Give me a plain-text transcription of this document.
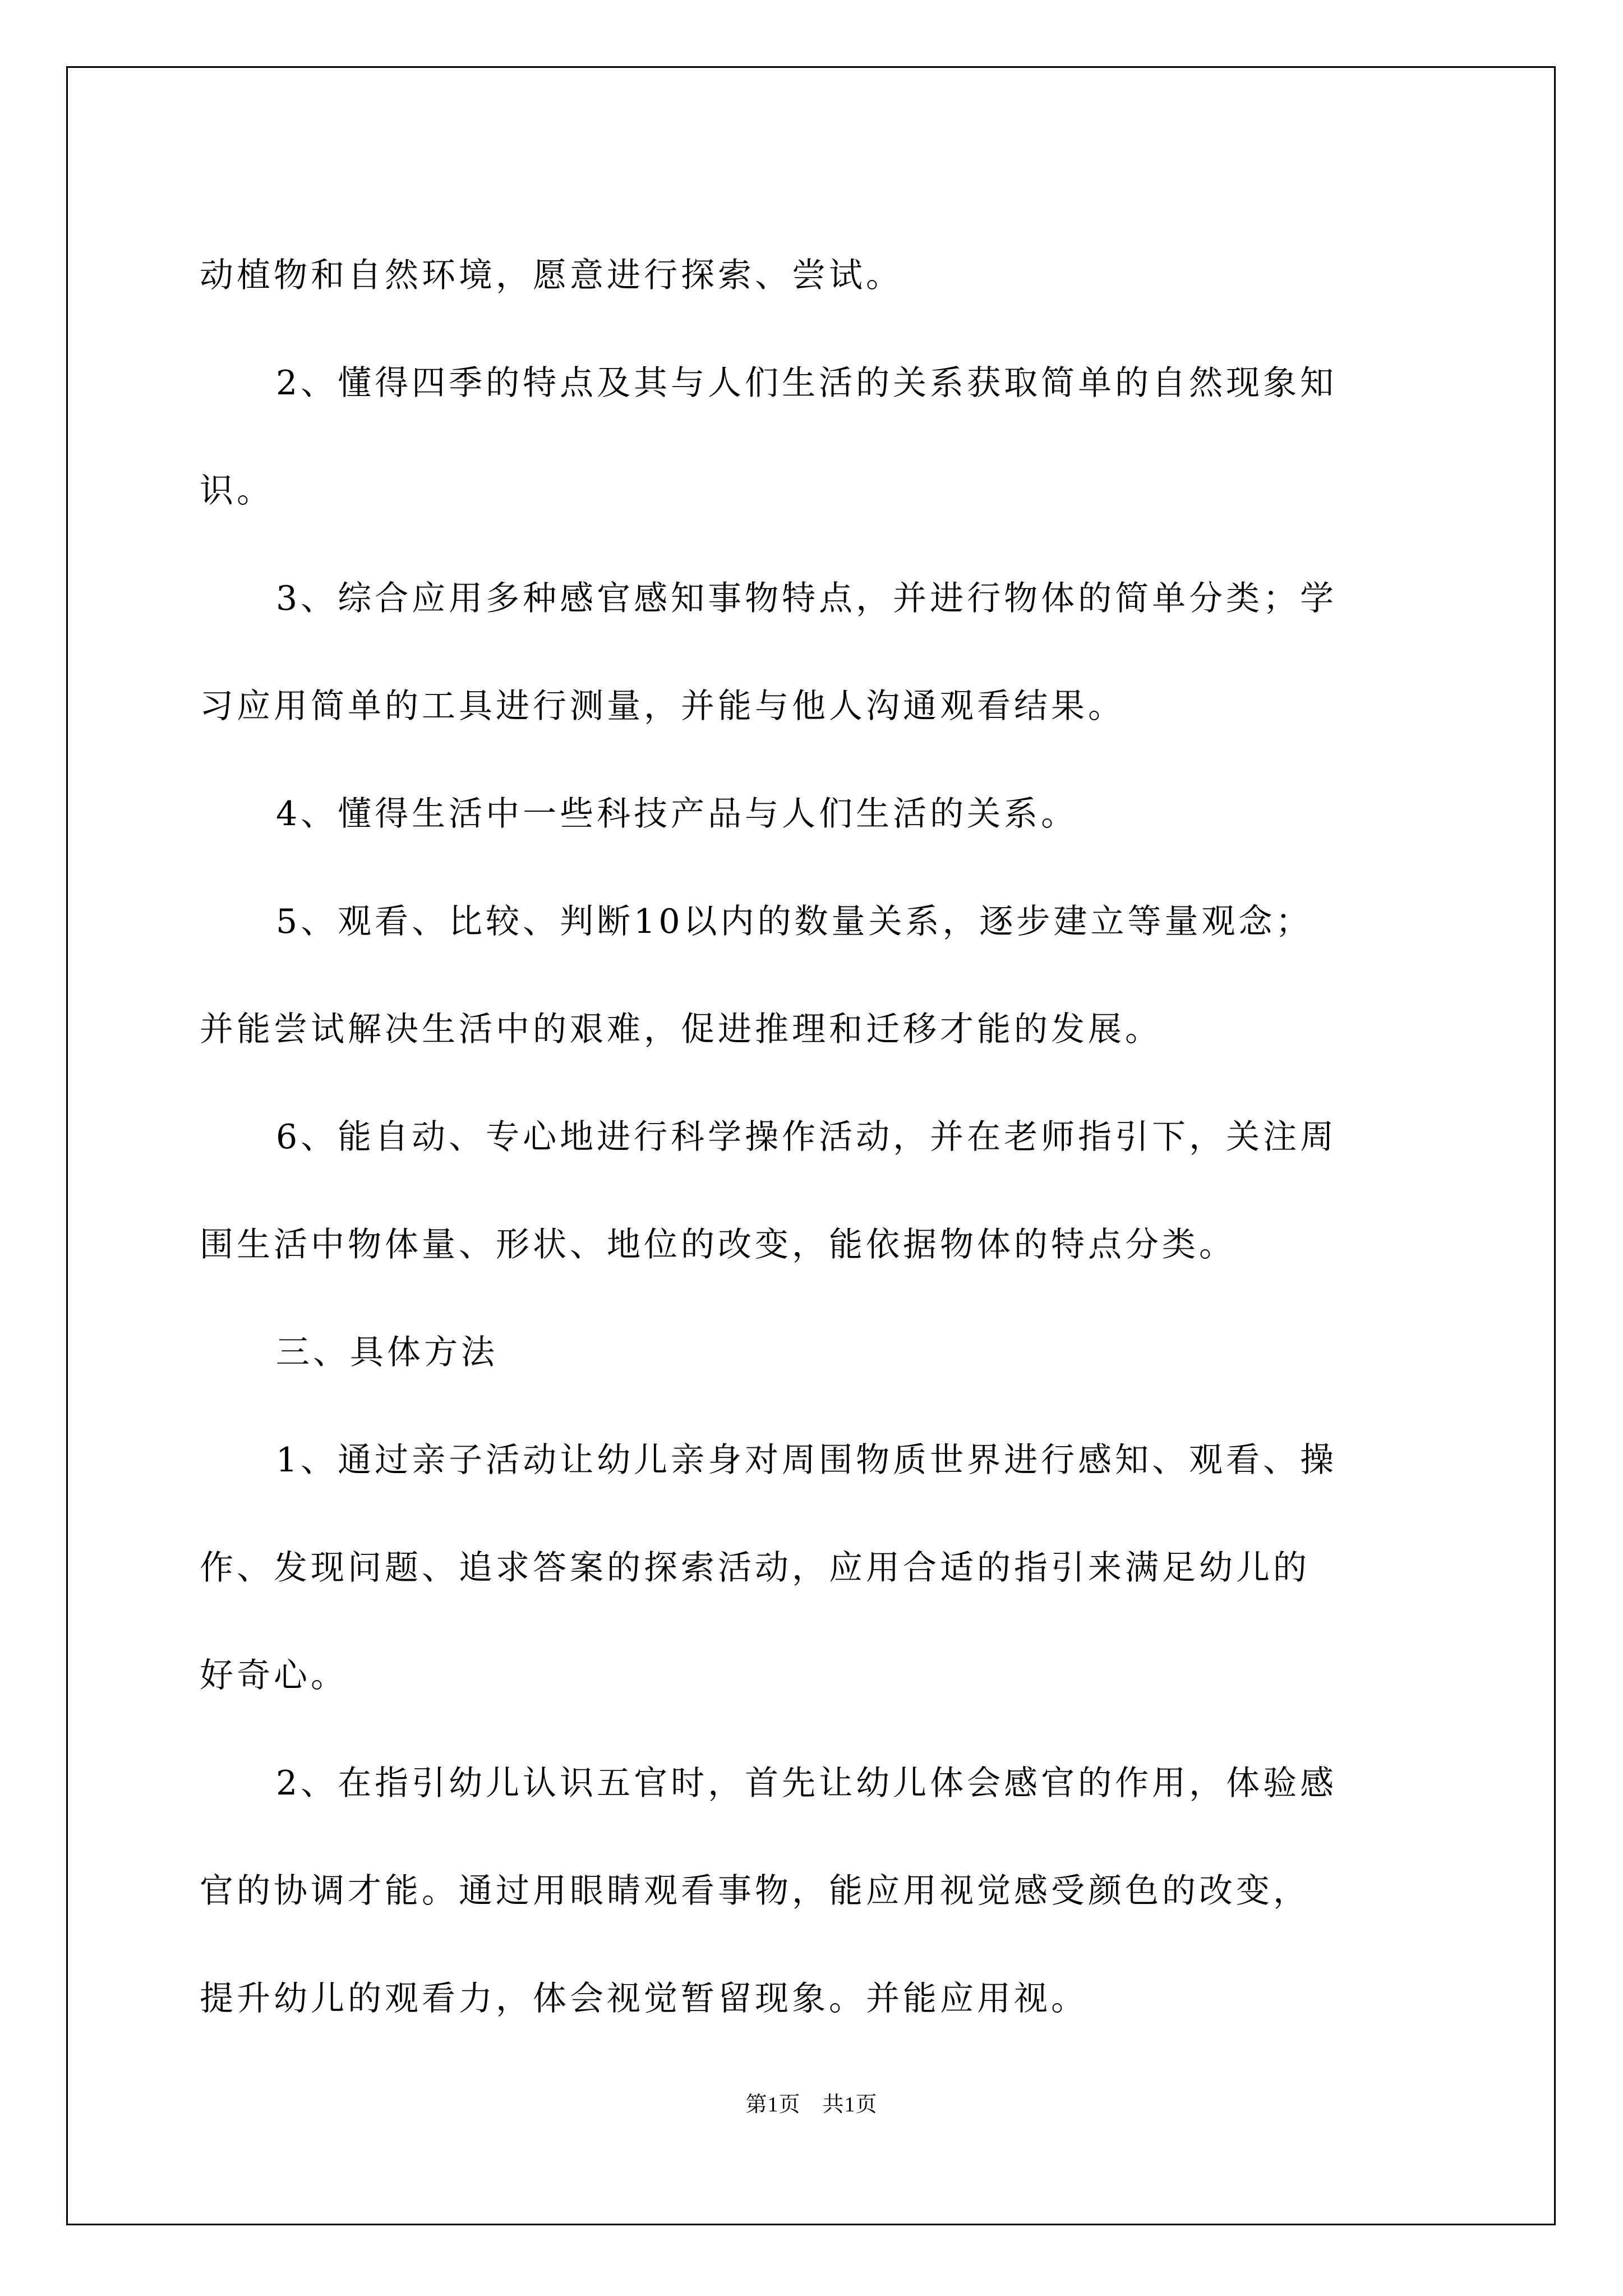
动植物和自然环境，愿意进行探索、尝试。

2、懂得四季的特点及其与人们生活的关系获取简单的自然现象知

识。

3、综合应用多种感官感知事物特点，并进行物体的简单分类；学

习应用简单的工具进行测量，并能与他人沟通观看结果。

4、懂得生活中一些科技产品与人们生活的关系。

5、观看、比较、判断10以内的数量关系，逐步建立等量观念；

并能尝试解决生活中的艰难，促进推理和迁移才能的发展。

6、能自动、专心地进行科学操作活动，并在老师指引下，关注周

围生活中物体量、形状、地位的改变，能依据物体的特点分类。

三、具体方法

1、通过亲子活动让幼儿亲身对周围物质世界进行感知、观看、操

作、发现问题、追求答案的探索活动，应用合适的指引来满足幼儿的

好奇心。

2、在指引幼儿认识五官时，首先让幼儿体会感官的作用，体验感

官的协调才能。通过用眼睛观看事物，能应用视觉感受颜色的改变，

提升幼儿的观看力，体会视觉暂留现象。并能应用视。

第1页　共1页
